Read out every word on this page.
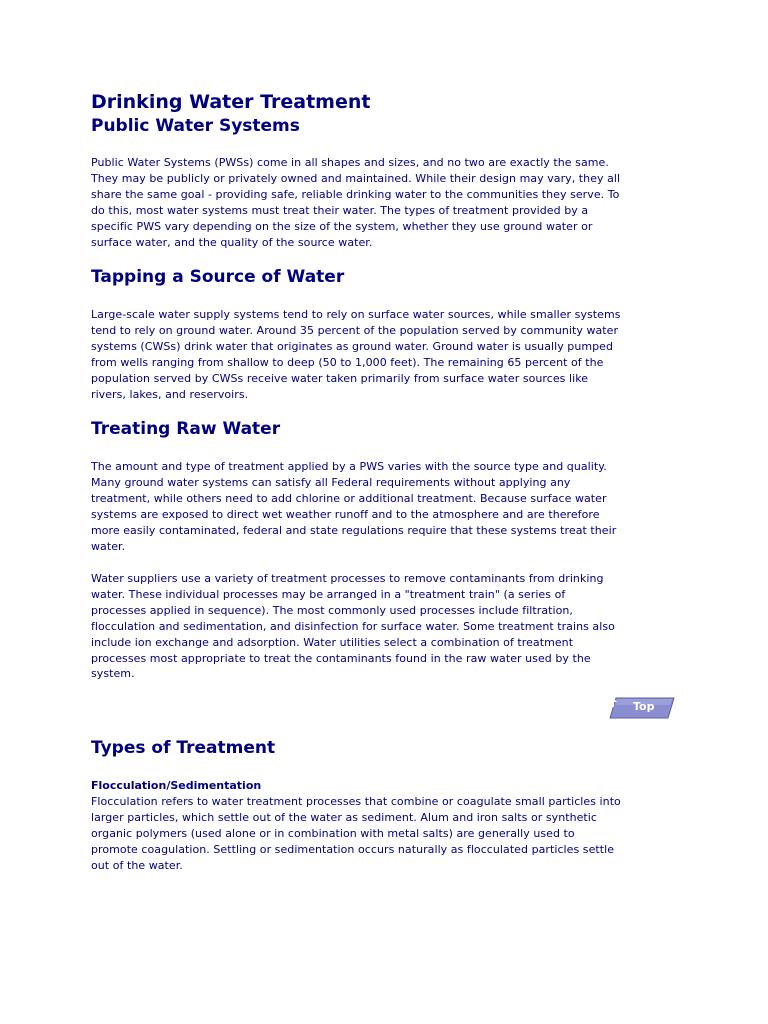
Drinking Water Treatment
Public Water Systems
Public Water Systems (PWSs) come in all shapes and sizes, and no two are exactly the same.
They may be publicly or privately owned and maintained. While their design may vary, they all
share the same goal - providing safe, reliable drinking water to the communities they serve. To
do this, most water systems must treat their water. The types of treatment provided by a
specific PWS vary depending on the size of the system, whether they use ground water or
surface water, and the quality of the source water.
Tapping a Source of Water
Large-scale water supply systems tend to rely on surface water sources, while smaller systems
tend to rely on ground water. Around 35 percent of the population served by community water
systems (CWSs) drink water that originates as ground water. Ground water is usually pumped
from wells ranging from shallow to deep (50 to 1,000 feet). The remaining 65 percent of the
population served by CWSs receive water taken primarily from surface water sources like
rivers, lakes, and reservoirs.
Treating Raw Water
The amount and type of treatment applied by a PWS varies with the source type and quality.
Many ground water systems can satisfy all Federal requirements without applying any
treatment, while others need to add chlorine or additional treatment. Because surface water
systems are exposed to direct wet weather runoff and to the atmosphere and are therefore
more easily contaminated, federal and state regulations require that these systems treat their
water.
Water suppliers use a variety of treatment processes to remove contaminants from drinking
water. These individual processes may be arranged in a "treatment train" (a series of
processes applied in sequence). The most commonly used processes include filtration,
flocculation and sedimentation, and disinfection for surface water. Some treatment trains also
include ion exchange and adsorption. Water utilities select a combination of treatment
processes most appropriate to treat the contaminants found in the raw water used by the
system.
Top
Types of Treatment
Flocculation/Sedimentation
Flocculation refers to water treatment processes that combine or coagulate small particles into
larger particles, which settle out of the water as sediment. Alum and iron salts or synthetic
organic polymers (used alone or in combination with metal salts) are generally used to
promote coagulation. Settling or sedimentation occurs naturally as flocculated particles settle
out of the water.
